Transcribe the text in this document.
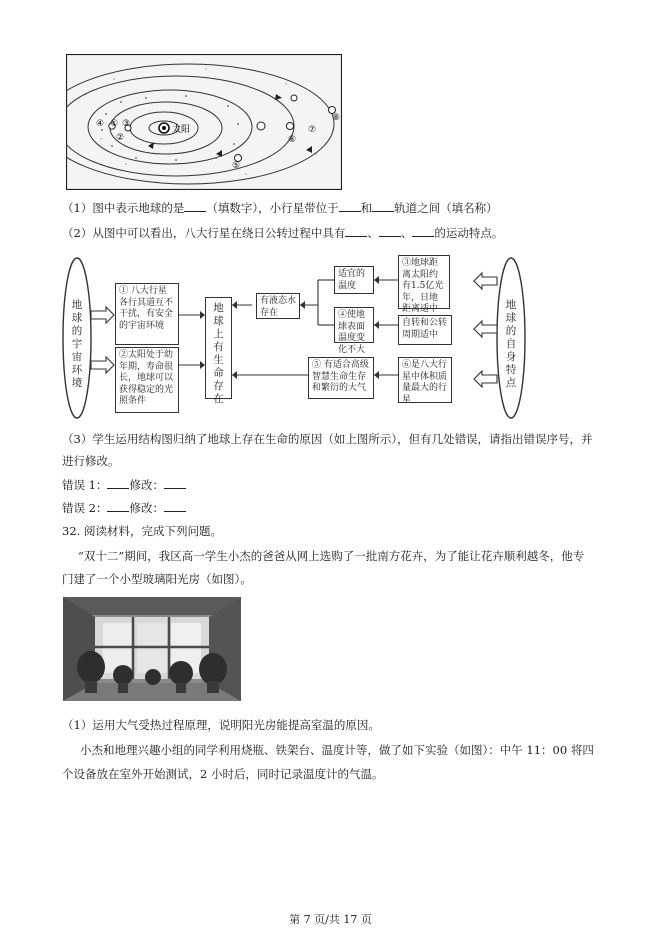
太阳
①
②
③
④
⑤
⑥
⑦
⑧
（1）图中表示地球的是 （填数字），小行星带位于 和 轨道之间（填名称）
（2）从图中可以看出，八大行星在绕日公转过程中具有 、 、 的运动特点。
地球的宇宙环境
地球的自身特点
① 八大行星各行其道互不干扰，有安全的宇宙环境
②太阳处于幼年期，寿命很长，地球可以获得稳定的光照条件
地球上有生命存在
有液态水存在
适宜的温度
③地球距离太阳约有1.5亿光年，日地距离适中
④使地球表面温度变化不大
自转和公转周期适中
⑤ 有适合高级智慧生命生存和繁衍的大气
⑥是八大行星中体积质量最大的行星
（3）学生运用结构图归纳了地球上存在生命的原因（如上图所示），但有几处错误，请指出错误序号，并
进行修改。
错误 1： 修改：
错误 2： 修改：
32. 阅读材料，完成下列问题。
“双十二”期间，我区高一学生小杰的爸爸从网上选购了一批南方花卉，为了能让花卉顺利越冬，他专
门建了一个小型玻璃阳光房（如图）。
（1）运用大气受热过程原理，说明阳光房能提高室温的原因。
小杰和地理兴趣小组的同学利用烧瓶、铁架台、温度计等，做了如下实验（如图）：中午 11：00 将四
个设备放在室外开始测试，2 小时后，同时记录温度计的气温。
第 7 页/共 17 页
